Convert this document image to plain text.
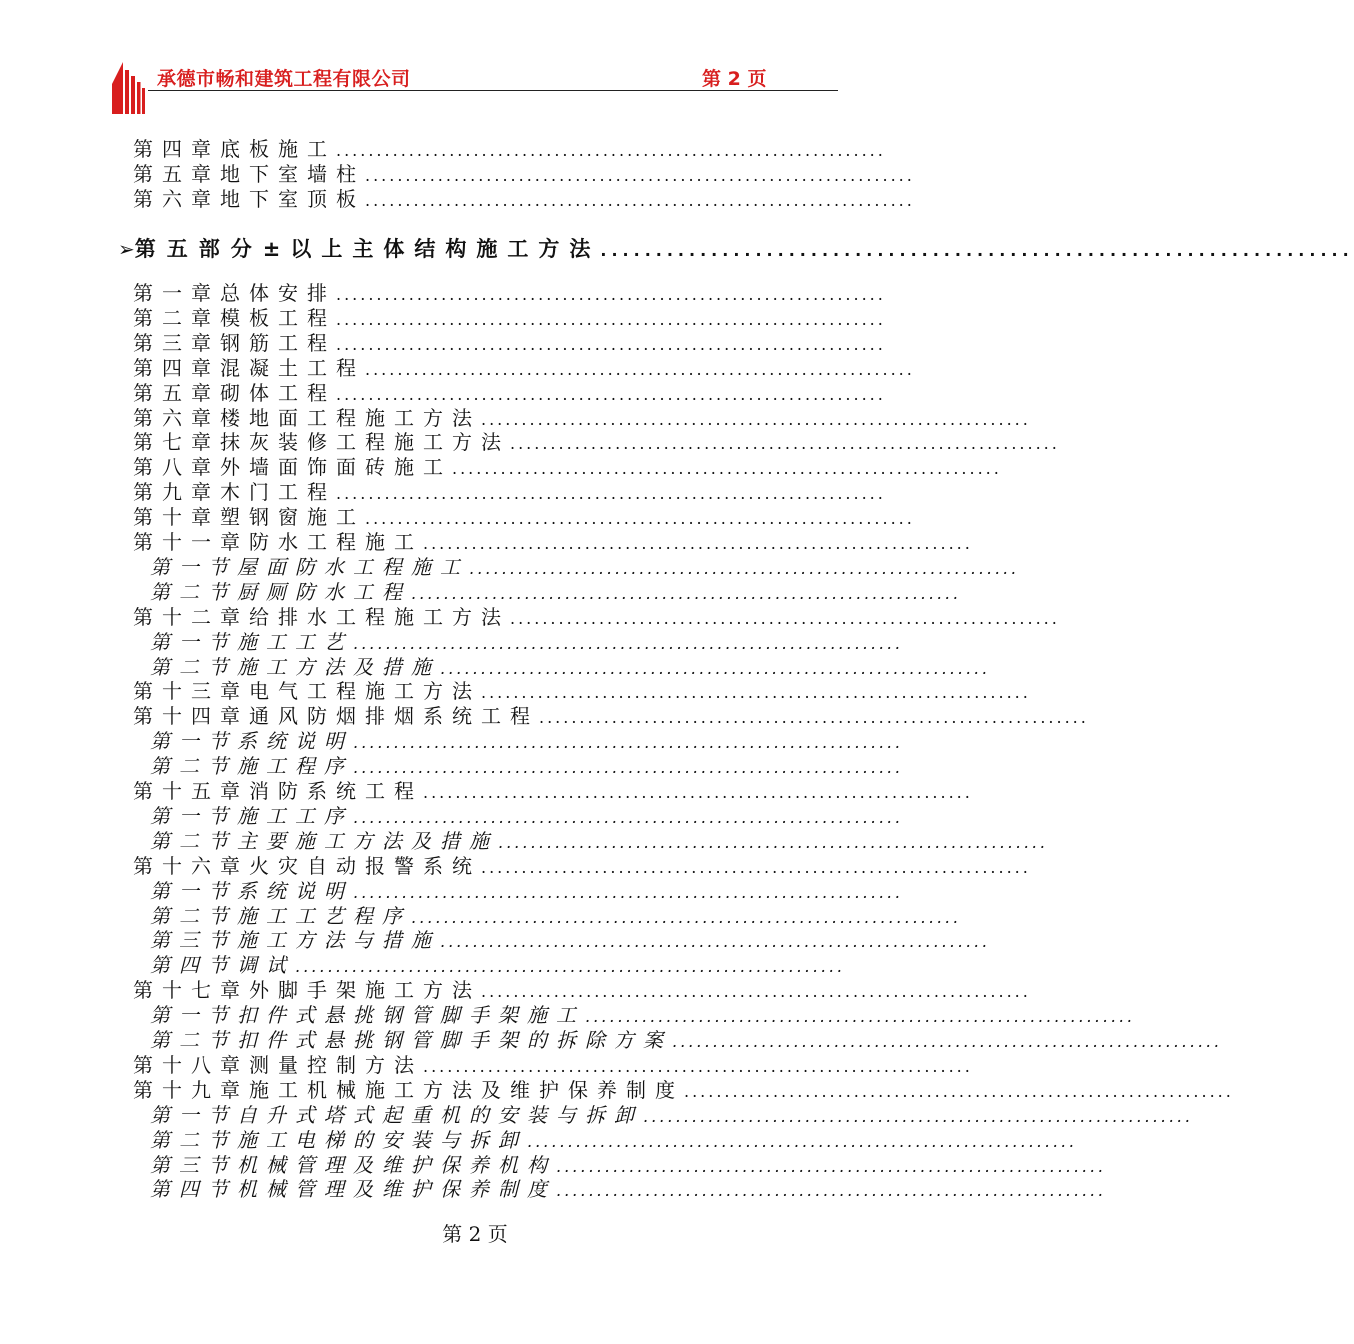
承德市畅和建筑工程有限公司	第 2 页
➢ 第五部分 ±以上主体结构施工方法 ....................................................................
第四章 底板施工 ....................................................................
第五章 地下室墙柱 ....................................................................
第六章 地下室顶板 ....................................................................
第一章 总体安排 ....................................................................
第二章 模板工程 ....................................................................
第三章 钢筋工程 ....................................................................
第四章 混凝土工程 ....................................................................
第五章 砌体工程 ....................................................................
第六章 楼地面工程施工方法 ....................................................................
第七章 抹灰装修工程施工方法 ....................................................................
第八章 外墙面饰面砖施工 ....................................................................
第九章 木门工程 ....................................................................
第十章 塑钢窗施工 ....................................................................
第十一章 防水工程施工 ....................................................................
第一节 屋面防水工程施工 ....................................................................
第二节 厨厕防水工程 ....................................................................
第十二章 给排水工程施工方法 ....................................................................
第一节 施工工艺 ....................................................................
第二节 施工方法及措施 ....................................................................
第十三章 电气工程施工方法 ....................................................................
第十四章 通风防烟排烟系统工程 ....................................................................
第一节 系统说明 ....................................................................
第二节 施工程序 ....................................................................
第十五章 消防系统工程 ....................................................................
第一节 施工工序 ....................................................................
第二节 主要施工方法及措施 ....................................................................
第十六章 火灾自动报警系统 ....................................................................
第一节 系统说明 ....................................................................
第二节 施工工艺程序 ....................................................................
第三节 施工方法与措施 ....................................................................
第四节 调试 ....................................................................
第十七章 外脚手架施工方法 ....................................................................
第一节 扣件式悬挑钢管脚手架施工 ....................................................................
第二节 扣件式悬挑钢管脚手架的拆除方案 ....................................................................
第十八章 测量控制方法 ....................................................................
第十九章 施工机械施工方法及维护保养制度 ....................................................................
第一节 自升式塔式起重机的安装与拆卸 ....................................................................
第二节 施工电梯的安装与拆卸 ....................................................................
第三节 机械管理及维护保养机构 ....................................................................
第四节 机械管理及维护保养制度 ....................................................................
第 2 页
